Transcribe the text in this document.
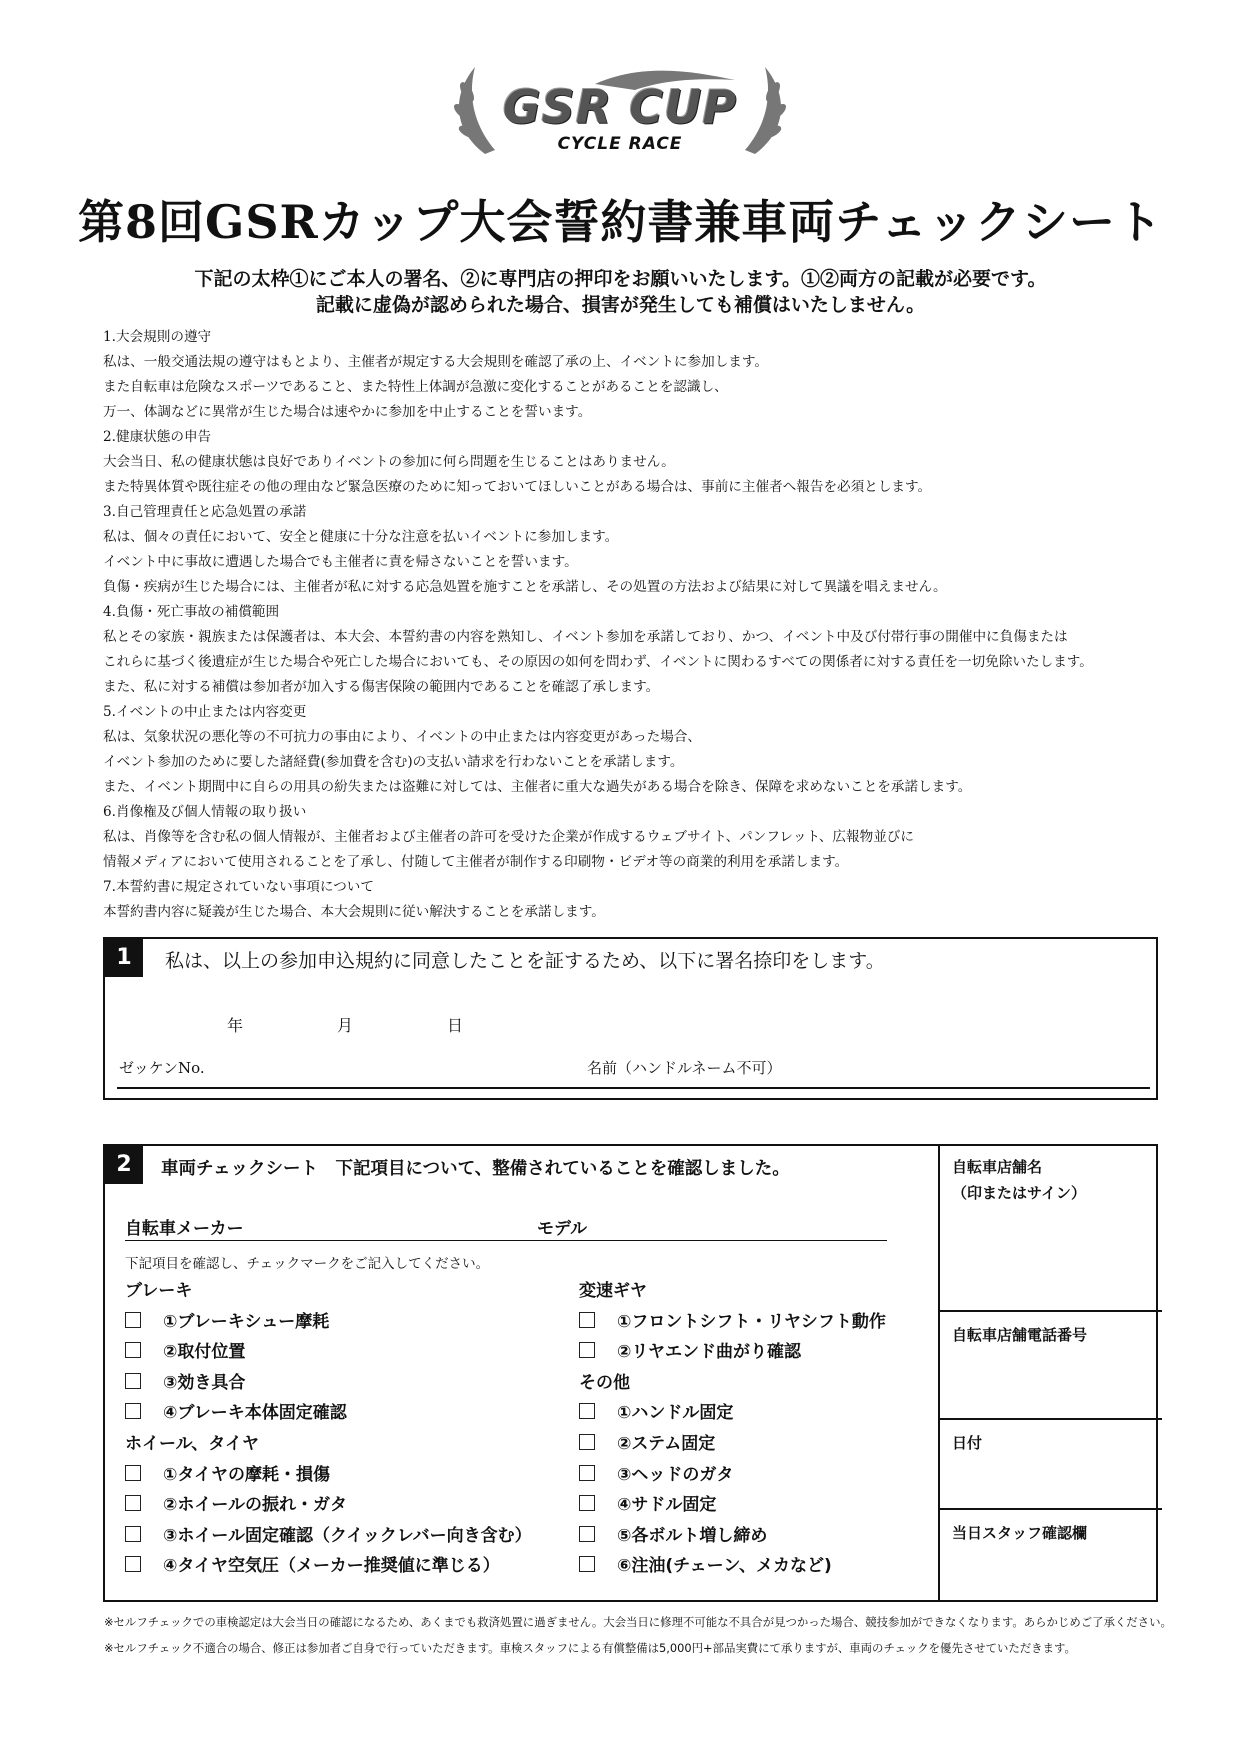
GSR CUP
CYCLE RACE
第8回GSRカップ大会誓約書兼車両チェックシート
下記の太枠①にご本人の署名、②に専門店の押印をお願いいたします。①②両方の記載が必要です。
記載に虚偽が認められた場合、損害が発生しても補償はいたしません。
1.大会規則の遵守
私は、一般交通法規の遵守はもとより、主催者が規定する大会規則を確認了承の上、イベントに参加します。
また自転車は危険なスポーツであること、また特性上体調が急激に変化することがあることを認識し、
万一、体調などに異常が生じた場合は速やかに参加を中止することを誓います。
2.健康状態の申告
大会当日、私の健康状態は良好でありイベントの参加に何ら問題を生じることはありません。
また特異体質や既往症その他の理由など緊急医療のために知っておいてほしいことがある場合は、事前に主催者へ報告を必須とします。
3.自己管理責任と応急処置の承諾
私は、個々の責任において、安全と健康に十分な注意を払いイベントに参加します。
イベント中に事故に遭遇した場合でも主催者に責を帰さないことを誓います。
負傷・疾病が生じた場合には、主催者が私に対する応急処置を施すことを承諾し、その処置の方法および結果に対して異議を唱えません。
4.負傷・死亡事故の補償範囲
私とその家族・親族または保護者は、本大会、本誓約書の内容を熟知し、イベント参加を承諾しており、かつ、イベント中及び付帯行事の開催中に負傷または
これらに基づく後遺症が生じた場合や死亡した場合においても、その原因の如何を問わず、イベントに関わるすべての関係者に対する責任を一切免除いたします。
また、私に対する補償は参加者が加入する傷害保険の範囲内であることを確認了承します。
5.イベントの中止または内容変更
私は、気象状況の悪化等の不可抗力の事由により、イベントの中止または内容変更があった場合、
イベント参加のために要した諸経費(参加費を含む)の支払い請求を行わないことを承諾します。
また、イベント期間中に自らの用具の紛失または盗難に対しては、主催者に重大な過失がある場合を除き、保障を求めないことを承諾します。
6.肖像権及び個人情報の取り扱い
私は、肖像等を含む私の個人情報が、主催者および主催者の許可を受けた企業が作成するウェブサイト、パンフレット、広報物並びに
情報メディアにおいて使用されることを了承し、付随して主催者が制作する印刷物・ビデオ等の商業的利用を承諾します。
7.本誓約書に規定されていない事項について
本誓約書内容に疑義が生じた場合、本大会規則に従い解決することを承諾します。
1	私は、以上の参加申込規約に同意したことを証するため、以下に署名捺印をします。
年	月	日
ゼッケンNo.	名前（ハンドルネーム不可）
2	車両チェックシート　下記項目について、整備されていることを確認しました。
自転車メーカー	モデル
下記項目を確認し、チェックマークをご記入してください。
ブレーキ
①ブレーキシュー摩耗
②取付位置
③効き具合
④ブレーキ本体固定確認
ホイール、タイヤ
①タイヤの摩耗・損傷
②ホイールの振れ・ガタ
③ホイール固定確認（クイックレバー向き含む）
④タイヤ空気圧（メーカー推奨値に準じる）
変速ギヤ
①フロントシフト・リヤシフト動作
②リヤエンド曲がり確認
その他
①ハンドル固定
②ステム固定
③ヘッドのガタ
④サドル固定
⑤各ボルト増し締め
⑥注油(チェーン、メカなど)
自転車店舗名
（印またはサイン）
自転車店舗電話番号
日付
当日スタッフ確認欄
※セルフチェックでの車検認定は大会当日の確認になるため、あくまでも救済処置に過ぎません。大会当日に修理不可能な不具合が見つかった場合、競技参加ができなくなります。あらかじめご了承ください。
※セルフチェック不適合の場合、修正は参加者ご自身で行っていただきます。車検スタッフによる有償整備は5,000円+部品実費にて承りますが、車両のチェックを優先させていただきます。
